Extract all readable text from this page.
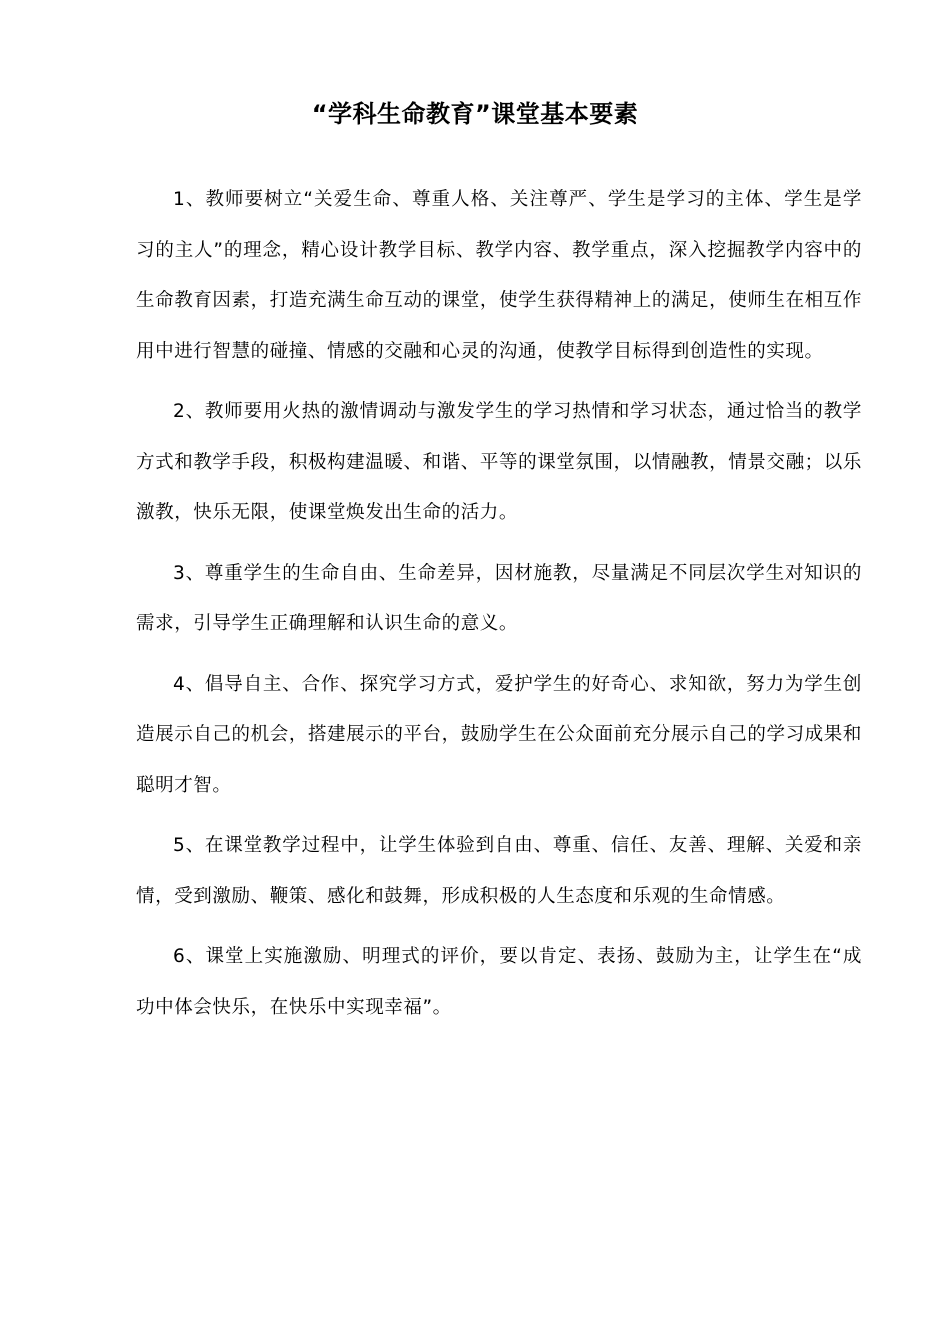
“学科生命教育”课堂基本要素

1、教师要树立“关爱生命、尊重人格、关注尊严、学生是学习的主体、学生是学习的主人”的理念，精心设计教学目标、教学内容、教学重点，深入挖掘教学内容中的生命教育因素，打造充满生命互动的课堂，使学生获得精神上的满足，使师生在相互作用中进行智慧的碰撞、情感的交融和心灵的沟通，使教学目标得到创造性的实现。

2、教师要用火热的激情调动与激发学生的学习热情和学习状态，通过恰当的教学方式和教学手段，积极构建温暖、和谐、平等的课堂氛围，以情融教，情景交融；以乐激教，快乐无限，使课堂焕发出生命的活力。

3、尊重学生的生命自由、生命差异，因材施教，尽量满足不同层次学生对知识的需求，引导学生正确理解和认识生命的意义。

4、倡导自主、合作、探究学习方式，爱护学生的好奇心、求知欲，努力为学生创造展示自己的机会，搭建展示的平台，鼓励学生在公众面前充分展示自己的学习成果和聪明才智。

5、在课堂教学过程中，让学生体验到自由、尊重、信任、友善、理解、关爱和亲情，受到激励、鞭策、感化和鼓舞，形成积极的人生态度和乐观的生命情感。

6、课堂上实施激励、明理式的评价，要以肯定、表扬、鼓励为主，让学生在“成功中体会快乐，在快乐中实现幸福”。
